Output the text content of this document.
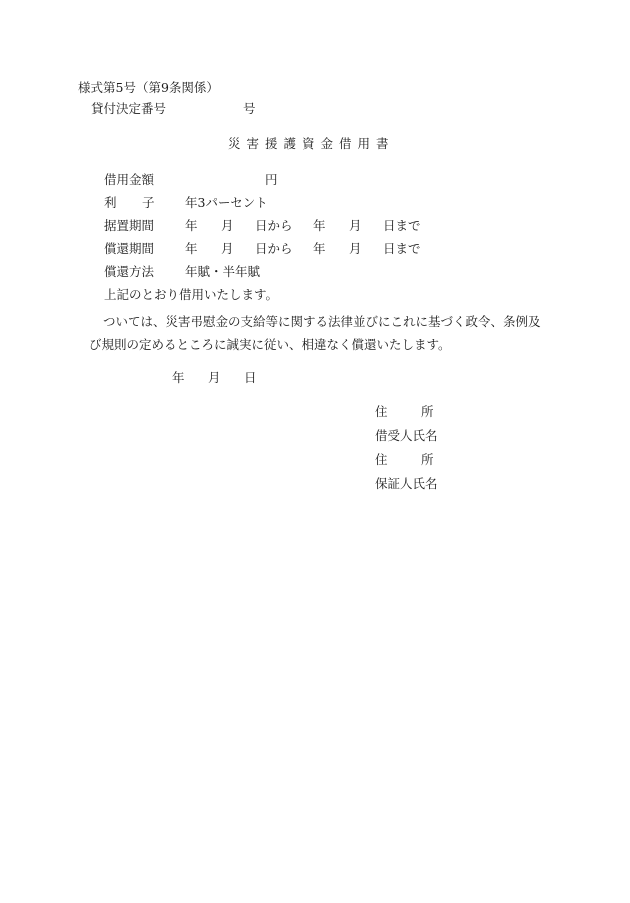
様式第5号（第9条関係）
貸付決定番号	号
災害援護資金借用書
借用金額	円
利 子 年3パーセント
据置期間 年 月 日から 年 月 日まで
償還期間 年 月 日から 年 月 日まで
償還方法 年賦・半年賦
上記のとおり借用いたします。
ついては、災害弔慰金の支給等に関する法律並びにこれに基づく政令、条例及び規則の定めるところに誠実に従い、相違なく償還いたします。
年 月 日
住	所
借受人氏名
住	所
保証人氏名
